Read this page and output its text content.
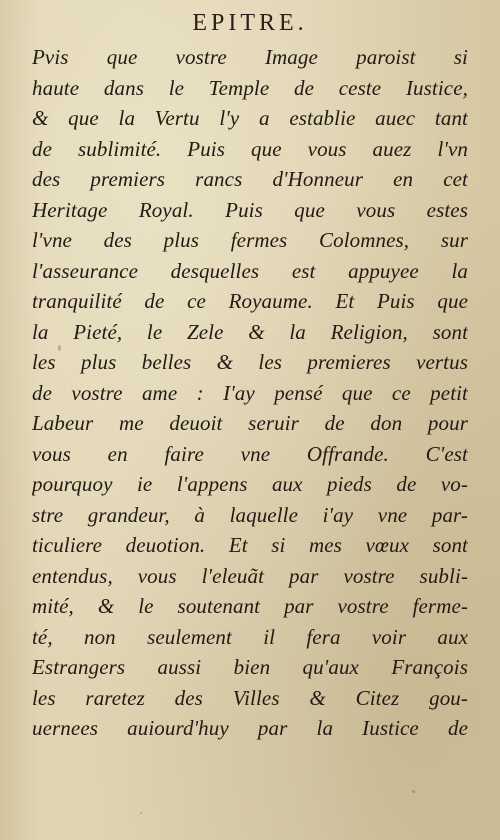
EPITRE.
Pvis que vostre Image paroist si
haute dans le Temple de ceste Iustice,
& que la Vertu l'y a establie auec tant
de sublimité. Puis que vous auez l'vn
des premiers rancs d'Honneur en cet
Heritage Royal. Puis que vous estes
l'vne des plus fermes Colomnes, sur
l'asseurance desquelles est appuyee la
tranquilité de ce Royaume. Et Puis que
la Pieté, le Zele & la Religion, sont
les plus belles & les premieres vertus
de vostre ame : I'ay pensé que ce petit
Labeur me deuoit seruir de don pour
vous en faire vne Offrande. C'est
pourquoy ie l'appens aux pieds de vo-
stre grandeur, à laquelle i'ay vne par-
ticuliere deuotion. Et si mes vœux sont
entendus, vous l'eleuãt par vostre subli-
mité, & le soutenant par vostre ferme-
té, non seulement il fera voir aux
Estrangers aussi bien qu'aux François
les raretez des Villes & Citez gou-
uernees auiourd'huy par la Iustice de
